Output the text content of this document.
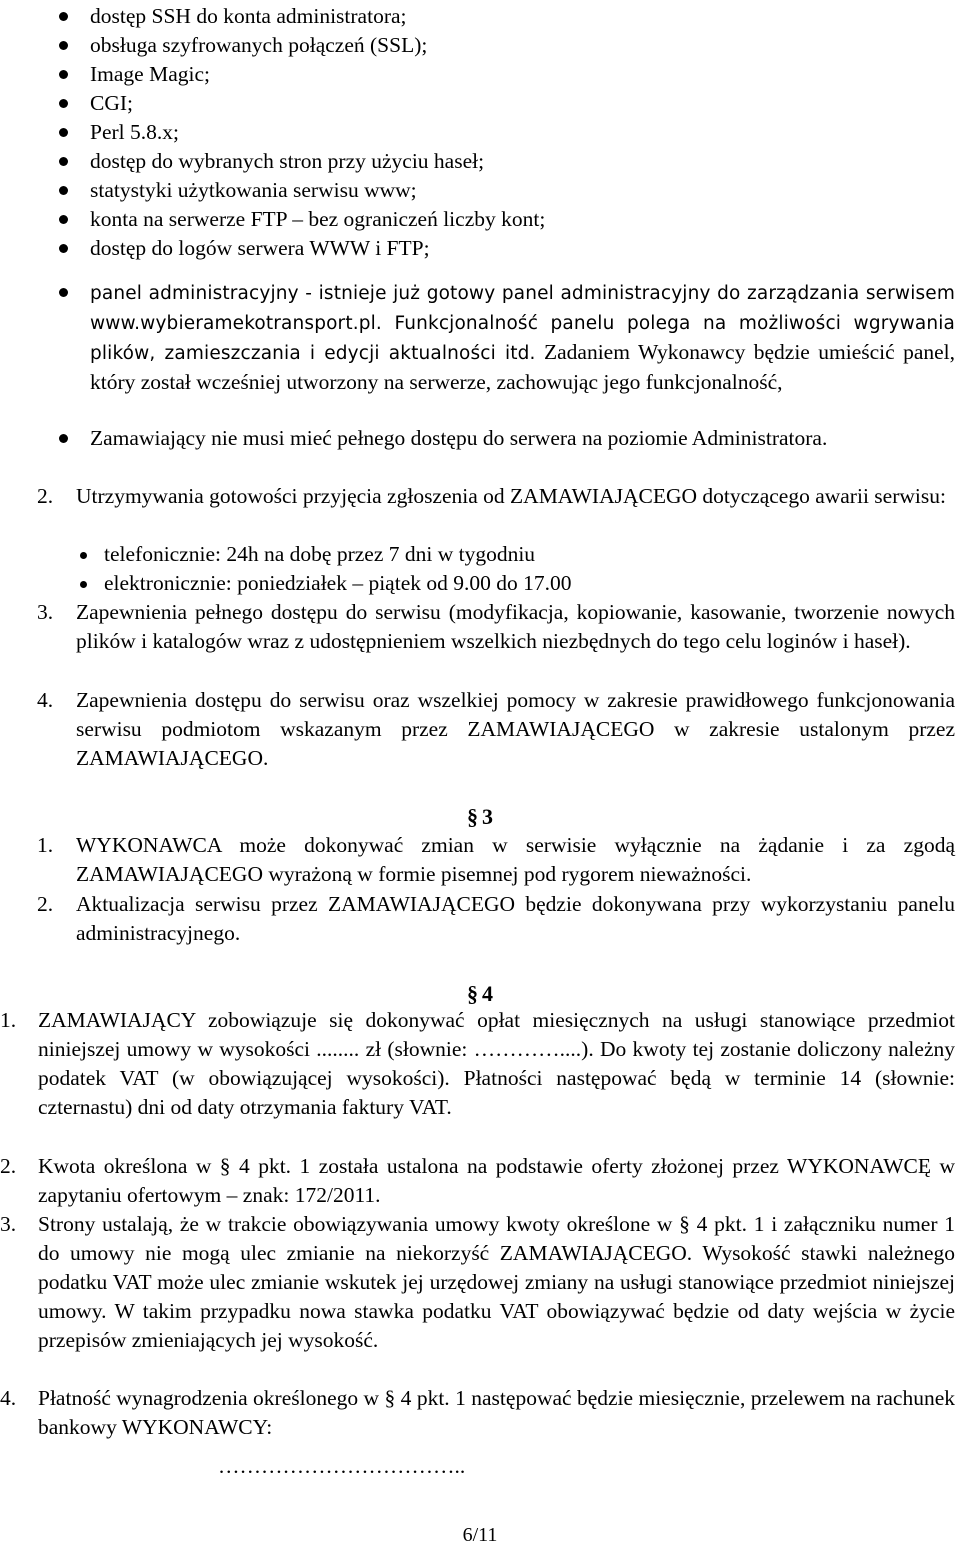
dostęp SSH do konta administratora;
obsługa szyfrowanych połączeń (SSL);
Image Magic;
CGI;
Perl 5.8.x;
dostęp do wybranych stron przy użyciu haseł;
statystyki użytkowania serwisu www;
konta na serwerze FTP – bez ograniczeń liczby kont;
dostęp do logów serwera WWW i FTP;
panel administracyjny - istnieje już gotowy panel administracyjny do zarządzania serwisem www.wybieramekotransport.pl. Funkcjonalność panelu polega na możliwości wgrywania plików, zamieszczania i edycji aktualności itd. Zadaniem Wykonawcy będzie umieścić panel, który został wcześniej utworzony na serwerze, zachowując jego funkcjonalność,
Zamawiający nie musi mieć pełnego dostępu do serwera na poziomie Administratora.
2. Utrzymywania gotowości przyjęcia zgłoszenia od ZAMAWIAJĄCEGO dotyczącego awarii serwisu:
telefonicznie: 24h na dobę przez 7 dni w tygodniu
elektronicznie: poniedziałek – piątek od 9.00 do 17.00
3. Zapewnienia pełnego dostępu do serwisu (modyfikacja, kopiowanie, kasowanie, tworzenie nowych plików i katalogów wraz z udostępnieniem wszelkich niezbędnych do tego celu loginów i haseł).
4. Zapewnienia dostępu do serwisu oraz wszelkiej pomocy w zakresie prawidłowego funkcjonowania serwisu podmiotom wskazanym przez ZAMAWIAJĄCEGO w zakresie ustalonym przez ZAMAWIAJĄCEGO.
§ 3
1. WYKONAWCA może dokonywać zmian w serwisie wyłącznie na żądanie i za zgodą ZAMAWIAJĄCEGO wyrażoną w formie pisemnej pod rygorem nieważności.
2. Aktualizacja serwisu przez ZAMAWIAJĄCEGO będzie dokonywana przy wykorzystaniu panelu administracyjnego.
§ 4
1. ZAMAWIAJĄCY zobowiązuje się dokonywać opłat miesięcznych na usługi stanowiące przedmiot niniejszej umowy w wysokości ........ zł (słownie: …………....). Do kwoty tej zostanie doliczony należny podatek VAT (w obowiązującej wysokości). Płatności następować będą w terminie 14 (słownie: czternastu) dni od daty otrzymania faktury VAT.
2. Kwota określona w § 4 pkt. 1 została ustalona na podstawie oferty złożonej przez WYKONAWCĘ w zapytaniu ofertowym – znak: 172/2011.
3. Strony ustalają, że w trakcie obowiązywania umowy kwoty określone w § 4 pkt. 1 i załączniku numer 1 do umowy nie mogą ulec zmianie na niekorzyść ZAMAWIAJĄCEGO. Wysokość stawki należnego podatku VAT może ulec zmianie wskutek jej urzędowej zmiany na usługi stanowiące przedmiot niniejszej umowy. W takim przypadku nowa stawka podatku VAT obowiązywać będzie od daty wejścia w życie przepisów zmieniających jej wysokość.
4. Płatność wynagrodzenia określonego w § 4 pkt. 1 następować będzie miesięcznie, przelewem na rachunek bankowy WYKONAWCY:
……………………………..
6/11
